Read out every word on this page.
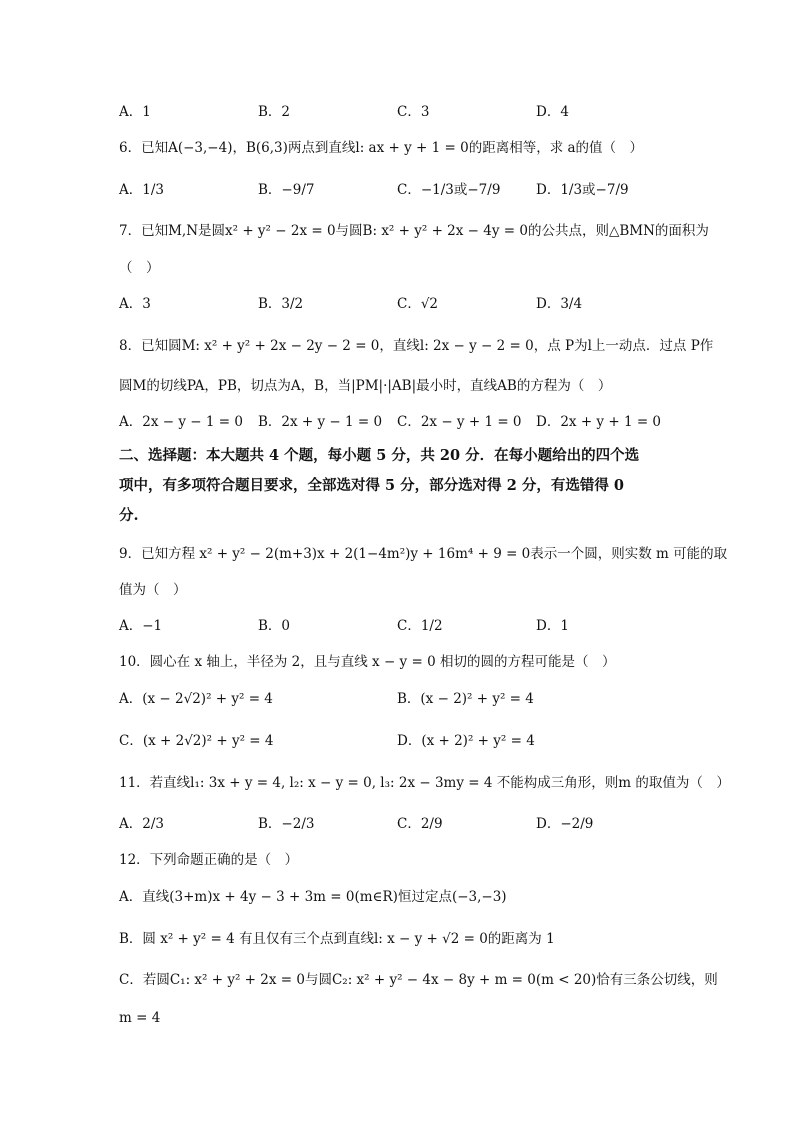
A．1	B．2	C．3	D．4
6．已知A(−3,−4)，B(6,3)两点到直线l: ax + y + 1 = 0的距离相等，求 a的值（　）
A．1/3	B．−9/7	C．−1/3或−7/9	D．1/3或−7/9
7．已知M,N是圆x² + y² − 2x = 0与圆B: x² + y² + 2x − 4y = 0的公共点，则△BMN的面积为
（　）
A．3	B．3/2	C．√2	D．3/4
8．已知圆M: x² + y² + 2x − 2y − 2 = 0，直线l: 2x − y − 2 = 0，点 P为l上一动点．过点 P作
圆M的切线PA，PB，切点为A，B，当|PM|·|AB|最小时，直线AB的方程为（　）
A．2x − y − 1 = 0 B．2x + y − 1 = 0 C．2x − y + 1 = 0 D．2x + y + 1 = 0
二、选择题：本大题共 4 个题，每小题 5 分，共 20 分．在每小题给出的四个选
项中，有多项符合题目要求，全部选对得 5 分，部分选对得 2 分，有选错得 0
分.
9．已知方程 x² + y² − 2(m+3)x + 2(1−4m²)y + 16m⁴ + 9 = 0表示一个圆，则实数 m 可能的取
值为（　）
A．−1	B．0	C．1/2	D．1
10．圆心在 x 轴上，半径为 2，且与直线 x − y = 0 相切的圆的方程可能是（　）
A．(x − 2√2)² + y² = 4	B．(x − 2)² + y² = 4
C．(x + 2√2)² + y² = 4	D．(x + 2)² + y² = 4
11．若直线l₁: 3x + y = 4, l₂: x − y = 0, l₃: 2x − 3my = 4 不能构成三角形，则m 的取值为（　）
A．2/3	B．−2/3	C．2/9	D．−2/9
12．下列命题正确的是（　）
A．直线(3+m)x + 4y − 3 + 3m = 0(m∈R)恒过定点(−3,−3)
B．圆 x² + y² = 4 有且仅有三个点到直线l: x − y + √2 = 0的距离为 1
C．若圆C₁: x² + y² + 2x = 0与圆C₂: x² + y² − 4x − 8y + m = 0(m < 20)恰有三条公切线，则
m = 4
